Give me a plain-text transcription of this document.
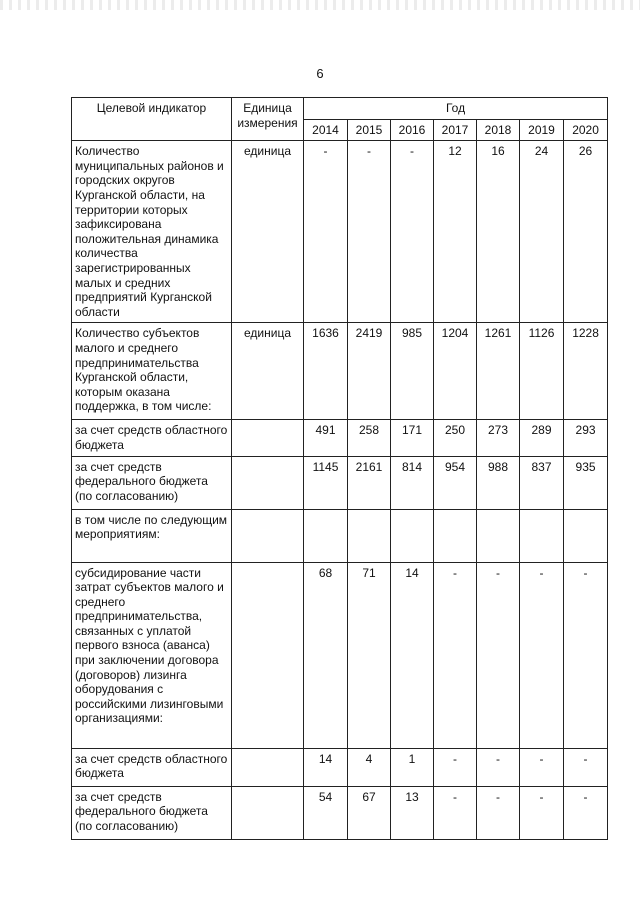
6
Целевой индикатор	Единица измерения	Год						
		2014	2015	2016	2017	2018	2019	2020
Количество муниципальных районов и городских округов Курганской области, на территории которых зафиксирована положительная динамика количества зарегистрированных малых и средних предприятий Курганской области	единица	-	-	-	12	16	24	26
Количество субъектов малого и среднего предпринимательства Курганской области, которым оказана поддержка, в том числе:	единица	1636	2419	985	1204	1261	1126	1228
за счет средств областного бюджета		491	258	171	250	273	289	293
за счет средств федерального бюджета (по согласованию)		1145	2161	814	954	988	837	935
в том числе по следующим мероприятиям:								
субсидирование части затрат субъектов малого и среднего предпринимательства, связанных с уплатой первого взноса (аванса) при заключении договора (договоров) лизинга оборудования с российскими лизинговыми организациями:		68	71	14	-	-	-	-
за счет средств областного бюджета		14	4	1	-	-	-	-
за счет средств федерального бюджета (по согласованию)		54	67	13	-	-	-	-
